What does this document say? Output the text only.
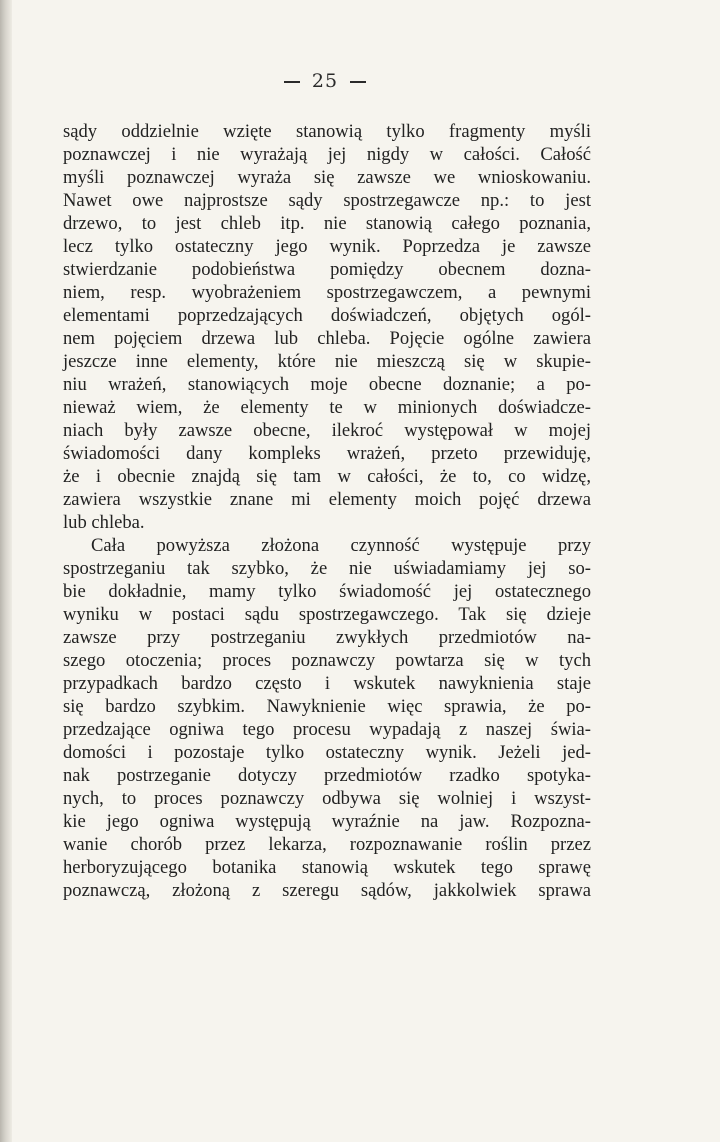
25
sądy oddzielnie wzięte stanowią tylko fragmenty myśli
poznawczej i nie wyrażają jej nigdy w całości. Całość
myśli poznawczej wyraża się zawsze we wnioskowaniu.
Nawet owe najprostsze sądy spostrzegawcze np.: to jest
drzewo, to jest chleb itp. nie stanowią całego poznania,
lecz tylko ostateczny jego wynik. Poprzedza je zawsze
stwierdzanie podobieństwa pomiędzy obecnem dozna-
niem, resp. wyobrażeniem spostrzegawczem, a pewnymi
elementami poprzedzających doświadczeń, objętych ogól-
nem pojęciem drzewa lub chleba. Pojęcie ogólne zawiera
jeszcze inne elementy, które nie mieszczą się w skupie-
niu wrażeń, stanowiących moje obecne doznanie; a po-
nieważ wiem, że elementy te w minionych doświadcze-
niach były zawsze obecne, ilekroć występował w mojej
świadomości dany kompleks wrażeń, przeto przewiduję,
że i obecnie znajdą się tam w całości, że to, co widzę,
zawiera wszystkie znane mi elementy moich pojęć drzewa
lub chleba.
Cała powyższa złożona czynność występuje przy
spostrzeganiu tak szybko, że nie uświadamiamy jej so-
bie dokładnie, mamy tylko świadomość jej ostatecznego
wyniku w postaci sądu spostrzegawczego. Tak się dzieje
zawsze przy postrzeganiu zwykłych przedmiotów na-
szego otoczenia; proces poznawczy powtarza się w tych
przypadkach bardzo często i wskutek nawyknienia staje
się bardzo szybkim. Nawyknienie więc sprawia, że po-
przedzające ogniwa tego procesu wypadają z naszej świa-
domości i pozostaje tylko ostateczny wynik. Jeżeli jed-
nak postrzeganie dotyczy przedmiotów rzadko spotyka-
nych, to proces poznawczy odbywa się wolniej i wszyst-
kie jego ogniwa występują wyraźnie na jaw. Rozpozna-
wanie chorób przez lekarza, rozpoznawanie roślin przez
herboryzującego botanika stanowią wskutek tego sprawę
poznawczą, złożoną z szeregu sądów, jakkolwiek sprawa
